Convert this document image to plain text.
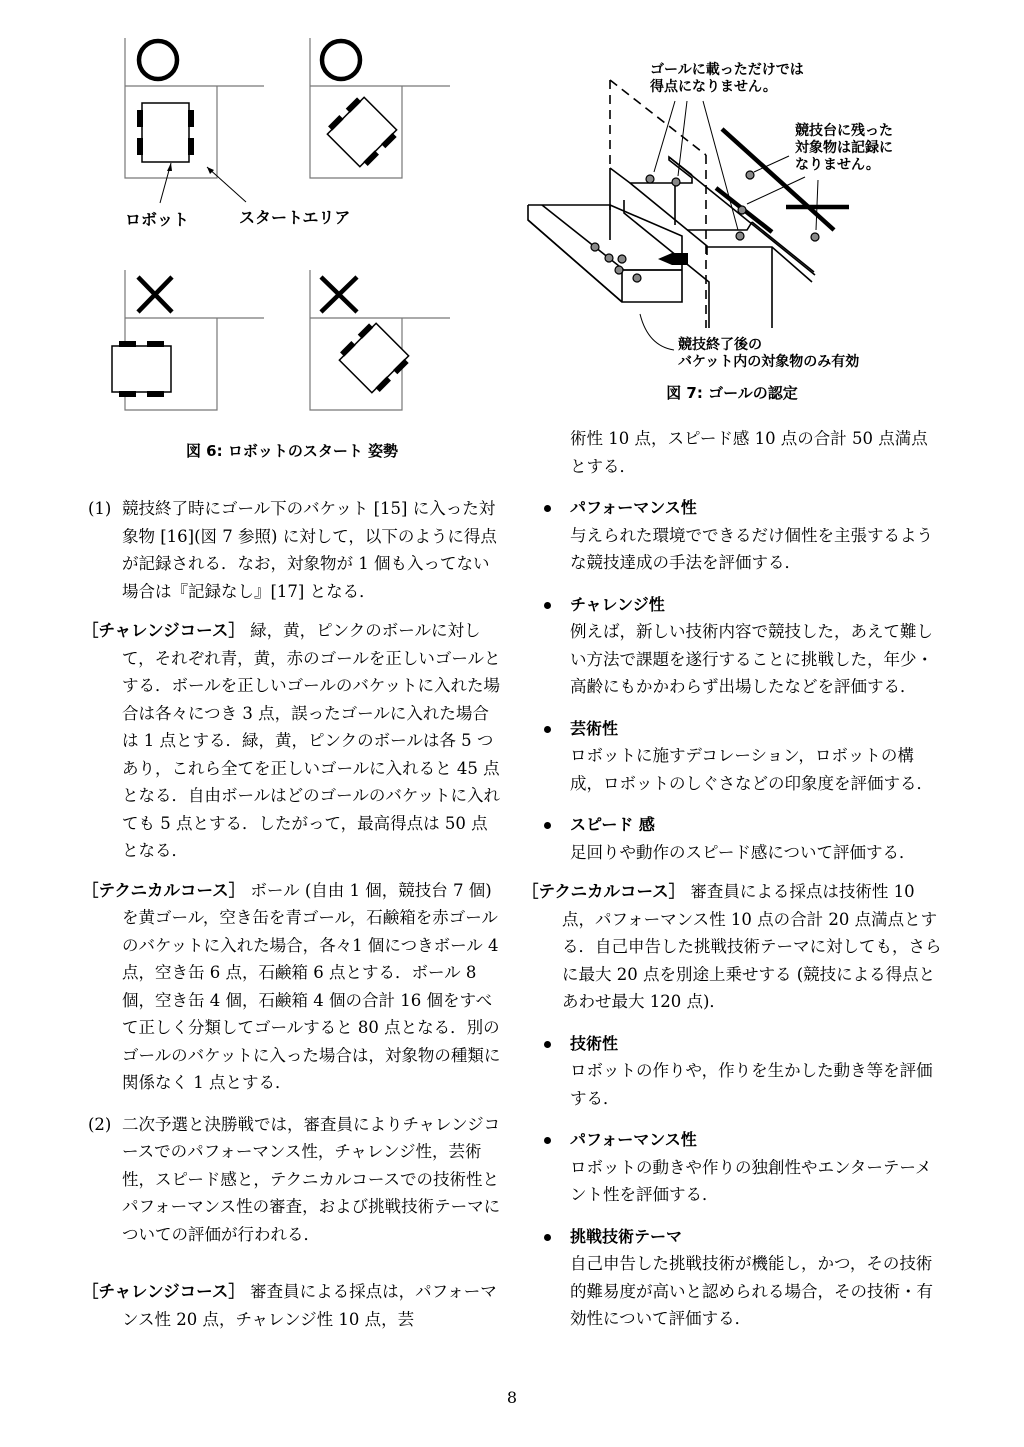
ロボット	スタートエリア
図 6: ロボットのスタート 姿勢
(1) 競技終了時にゴール下のバケット [15] に入った対象物 [16](図 7 参照) に対して，以下のように得点が記録される．なお，対象物が 1 個も入ってない場合は『記録なし』[17] となる．
［チャレンジコース］ 緑，黄，ピンクのボールに対して，それぞれ青，黄，赤のゴールを正しいゴールとする．ボールを正しいゴールのバケットに入れた場合は各々につき 3 点，誤ったゴールに入れた場合は 1 点とする．緑，黄，ピンクのボールは各 5 つあり，これら全てを正しいゴールに入れると 45 点となる．自由ボールはどのゴールのバケットに入れても 5 点とする．したがって，最高得点は 50 点となる．
［テクニカルコース］ ボール (自由 1 個，競技台 7 個) を黄ゴール，空き缶を青ゴール，石鹸箱を赤ゴールのバケットに入れた場合，各々1 個につきボール 4 点，空き缶 6 点，石鹸箱 6 点とする．ボール 8 個，空き缶 4 個，石鹸箱 4 個の合計 16 個をすべて正しく分類してゴールすると 80 点となる．別のゴールのバケットに入った場合は，対象物の種類に関係なく 1 点とする．
(2) 二次予選と決勝戦では，審査員によりチャレンジコースでのパフォーマンス性，チャレンジ性，芸術性，スピード感と，テクニカルコースでの技術性とパフォーマンス性の審査，および挑戦技術テーマについての評価が行われる．
［チャレンジコース］ 審査員による採点は，パフォーマンス性 20 点，チャレンジ性 10 点，芸
ゴールに載っただけでは
得点になりません。
競技台に残った
対象物は記録に
なりません。
競技終了後の
バケット内の対象物のみ有効
図 7: ゴールの認定
術性 10 点，スピード感 10 点の合計 50 点満点とする．
パフォーマンス性
与えられた環境でできるだけ個性を主張するような競技達成の手法を評価する．
チャレンジ性
例えば，新しい技術内容で競技した，あえて難しい方法で課題を遂行することに挑戦した，年少・高齢にもかかわらず出場したなどを評価する．
芸術性
ロボットに施すデコレーション，ロボットの構成，ロボットのしぐさなどの印象度を評価する．
スピード 感
足回りや動作のスピード感について評価する．
［テクニカルコース］ 審査員による採点は技術性 10 点，パフォーマンス性 10 点の合計 20 点満点とする．自己申告した挑戦技術テーマに対しても，さらに最大 20 点を別途上乗せする (競技による得点とあわせ最大 120 点)．
技術性
ロボットの作りや，作りを生かした動き等を評価する．
パフォーマンス性
ロボットの動きや作りの独創性やエンターテーメント性を評価する．
挑戦技術テーマ
自己申告した挑戦技術が機能し，かつ，その技術的難易度が高いと認められる場合，その技術・有効性について評価する．
8
